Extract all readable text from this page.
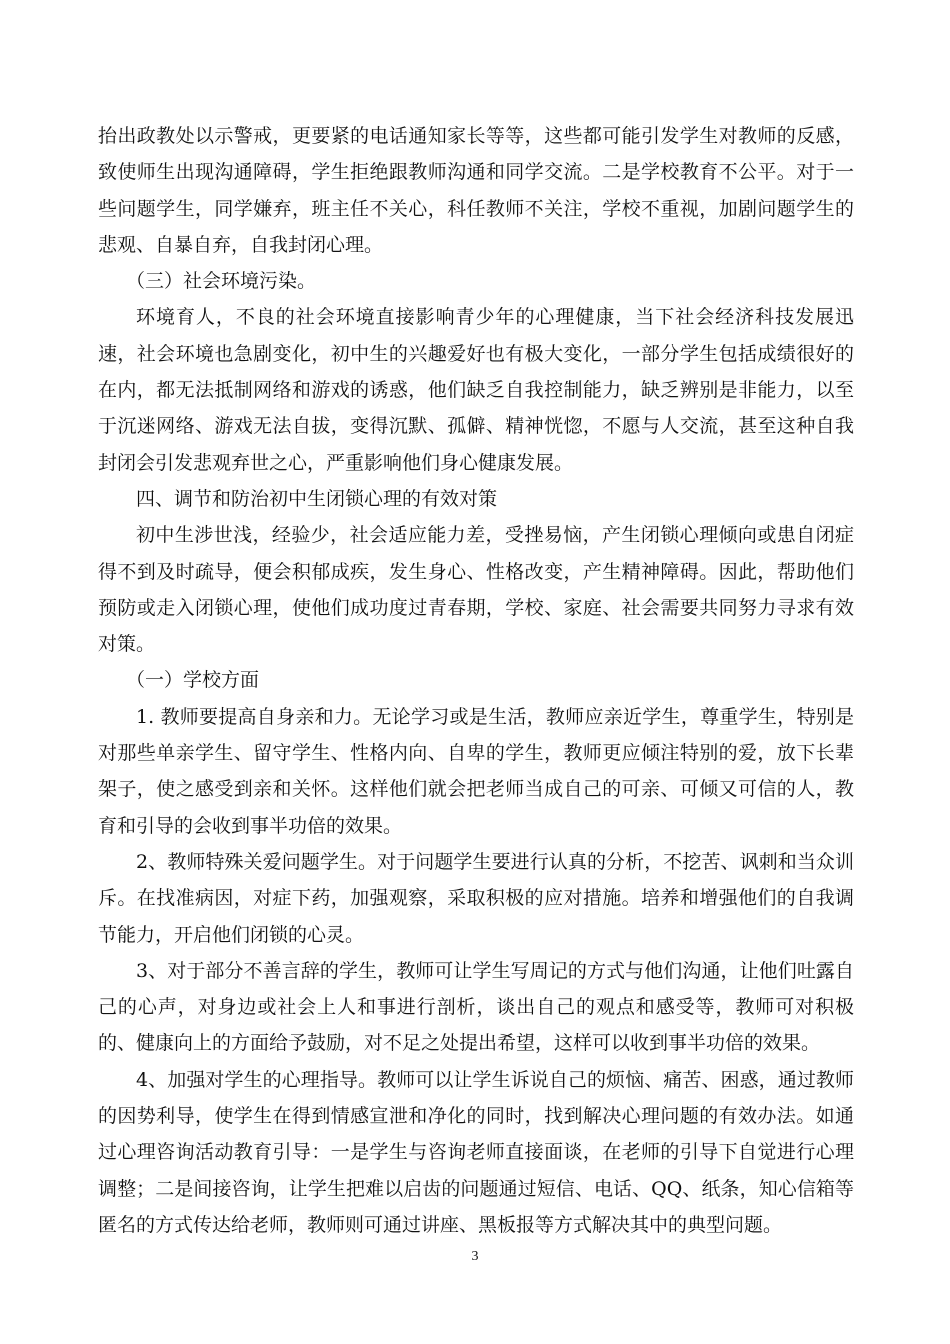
抬出政教处以示警戒，更要紧的电话通知家长等等，这些都可能引发学生对教师的反感，致使师生出现沟通障碍，学生拒绝跟教师沟通和同学交流。二是学校教育不公平。对于一些问题学生，同学嫌弃，班主任不关心，科任教师不关注，学校不重视，加剧问题学生的悲观、自暴自弃，自我封闭心理。

（三）社会环境污染。

环境育人，不良的社会环境直接影响青少年的心理健康，当下社会经济科技发展迅速，社会环境也急剧变化，初中生的兴趣爱好也有极大变化，一部分学生包括成绩很好的在内，都无法抵制网络和游戏的诱惑，他们缺乏自我控制能力，缺乏辨别是非能力，以至于沉迷网络、游戏无法自拔，变得沉默、孤僻、精神恍惚，不愿与人交流，甚至这种自我封闭会引发悲观弃世之心，严重影响他们身心健康发展。

四、调节和防治初中生闭锁心理的有效对策

初中生涉世浅，经验少，社会适应能力差，受挫易恼，产生闭锁心理倾向或患自闭症得不到及时疏导，便会积郁成疾，发生身心、性格改变，产生精神障碍。因此，帮助他们预防或走入闭锁心理，使他们成功度过青春期，学校、家庭、社会需要共同努力寻求有效对策。

（一）学校方面

1. 教师要提高自身亲和力。无论学习或是生活，教师应亲近学生，尊重学生，特别是对那些单亲学生、留守学生、性格内向、自卑的学生，教师更应倾注特别的爱，放下长辈架子，使之感受到亲和关怀。这样他们就会把老师当成自己的可亲、可倾又可信的人，教育和引导的会收到事半功倍的效果。

2、教师特殊关爱问题学生。对于问题学生要进行认真的分析，不挖苦、讽刺和当众训斥。在找准病因，对症下药，加强观察，采取积极的应对措施。培养和增强他们的自我调节能力，开启他们闭锁的心灵。

3、对于部分不善言辞的学生，教师可让学生写周记的方式与他们沟通，让他们吐露自己的心声，对身边或社会上人和事进行剖析，谈出自己的观点和感受等，教师可对积极的、健康向上的方面给予鼓励，对不足之处提出希望，这样可以收到事半功倍的效果。

4、加强对学生的心理指导。教师可以让学生诉说自己的烦恼、痛苦、困惑，通过教师的因势利导，使学生在得到情感宣泄和净化的同时，找到解决心理问题的有效办法。如通过心理咨询活动教育引导：一是学生与咨询老师直接面谈，在老师的引导下自觉进行心理调整；二是间接咨询，让学生把难以启齿的问题通过短信、电话、QQ、纸条，知心信箱等匿名的方式传达给老师，教师则可通过讲座、黑板报等方式解决其中的典型问题。

3
